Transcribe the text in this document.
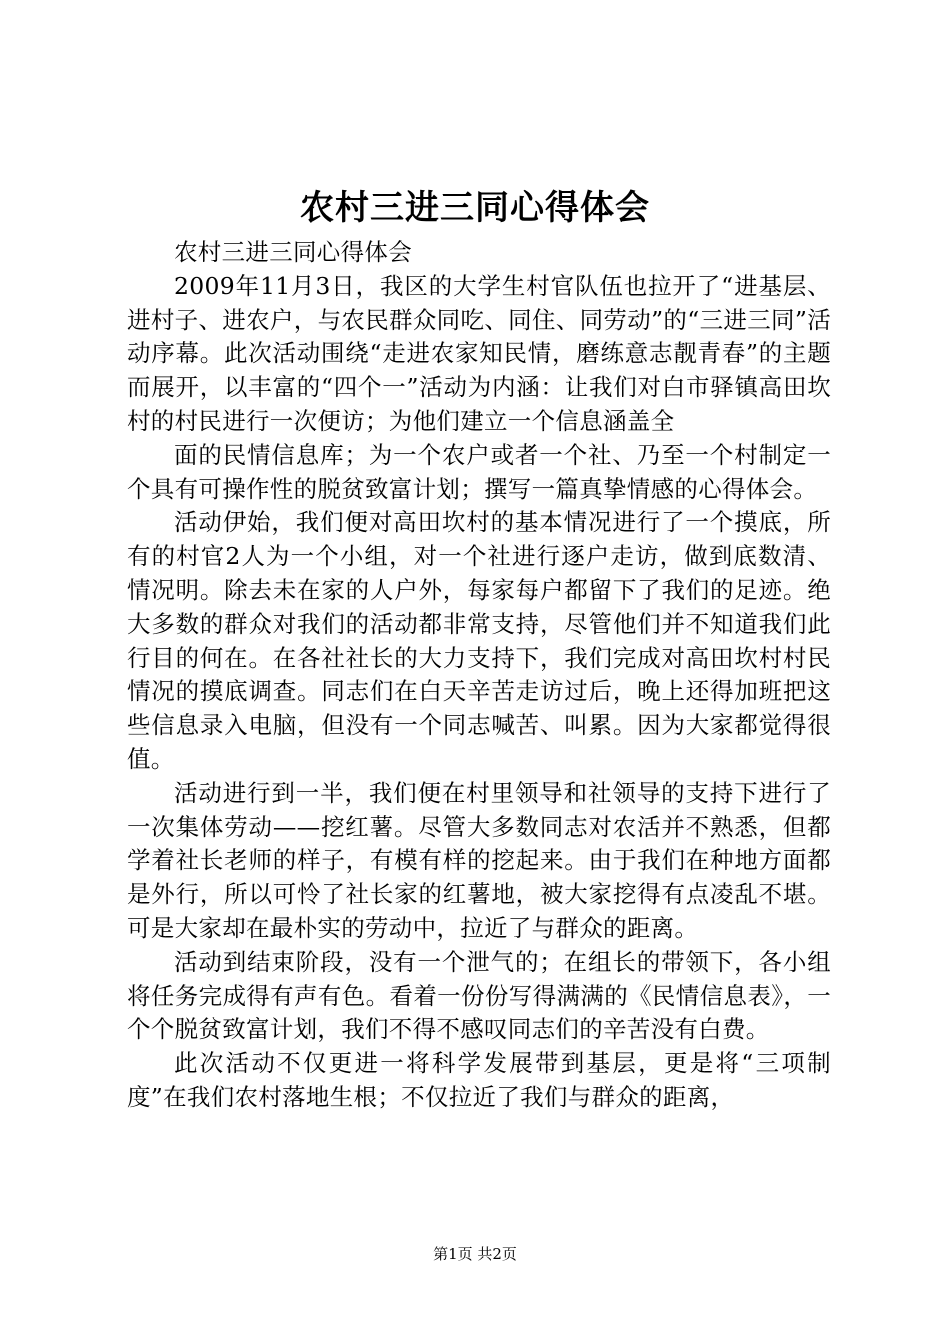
农村三进三同心得体会

农村三进三同心得体会

2009年11月3日，我区的大学生村官队伍也拉开了“进基层、进村子、进农户，与农民群众同吃、同住、同劳动”的“三进三同”活动序幕。此次活动围绕“走进农家知民情，磨练意志靓青春”的主题而展开，以丰富的“四个一”活动为内涵：让我们对白市驿镇高田坎村的村民进行一次便访；为他们建立一个信息涵盖全

面的民情信息库；为一个农户或者一个社、乃至一个村制定一个具有可操作性的脱贫致富计划；撰写一篇真挚情感的心得体会。

活动伊始，我们便对高田坎村的基本情况进行了一个摸底，所有的村官2人为一个小组，对一个社进行逐户走访，做到底数清、情况明。除去未在家的人户外，每家每户都留下了我们的足迹。绝大多数的群众对我们的活动都非常支持，尽管他们并不知道我们此行目的何在。在各社社长的大力支持下，我们完成对高田坎村村民情况的摸底调查。同志们在白天辛苦走访过后，晚上还得加班把这些信息录入电脑，但没有一个同志喊苦、叫累。因为大家都觉得很值。

活动进行到一半，我们便在村里领导和社领导的支持下进行了一次集体劳动——挖红薯。尽管大多数同志对农活并不熟悉，但都学着社长老师的样子，有模有样的挖起来。由于我们在种地方面都是外行，所以可怜了社长家的红薯地，被大家挖得有点凌乱不堪。可是大家却在最朴实的劳动中，拉近了与群众的距离。

活动到结束阶段，没有一个泄气的；在组长的带领下，各小组将任务完成得有声有色。看着一份份写得满满的《民情信息表》，一个个脱贫致富计划，我们不得不感叹同志们的辛苦没有白费。

此次活动不仅更进一将科学发展带到基层，更是将“三项制度”在我们农村落地生根；不仅拉近了我们与群众的距离，

第1页 共2页
